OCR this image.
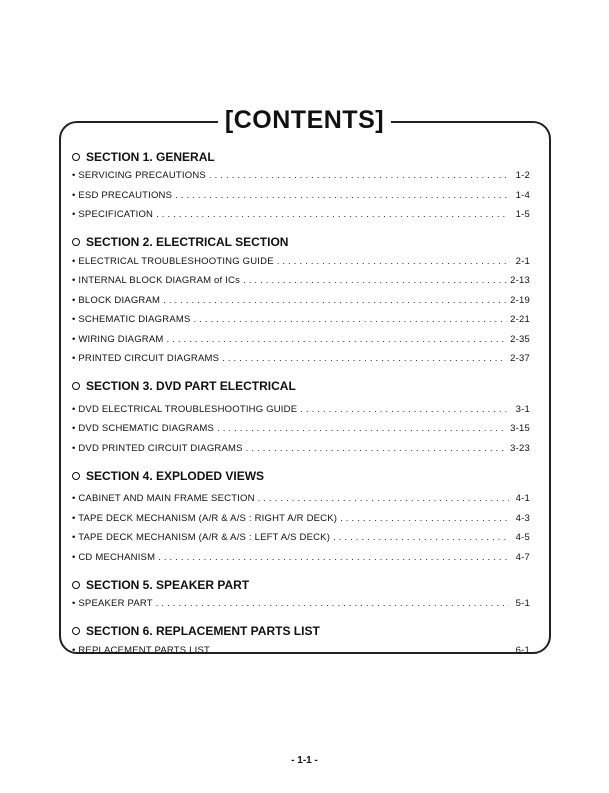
[CONTENTS]
SECTION 1. GENERAL
• SERVICING PRECAUTIONS . . .	1-2
• ESD PRECAUTIONS . . .	1-4
• SPECIFICATION . . .	1-5
SECTION 2. ELECTRICAL SECTION
• ELECTRICAL TROUBLESHOOTING GUIDE . . .	2-1
• INTERNAL BLOCK DIAGRAM of ICs . . .	2-13
• BLOCK DIAGRAM . . .	2-19
• SCHEMATIC DIAGRAMS . . .	2-21
• WIRING DIAGRAM . . .	2-35
• PRINTED CIRCUIT DIAGRAMS . . .	2-37
SECTION 3. DVD PART ELECTRICAL
• DVD ELECTRICAL TROUBLESHOOTIHG GUIDE . . .	3-1
• DVD SCHEMATIC DIAGRAMS . . .	3-15
• DVD PRINTED CIRCUIT DIAGRAMS . . .	3-23
SECTION 4. EXPLODED VIEWS
• CABINET AND MAIN FRAME SECTION . . .	4-1
• TAPE DECK MECHANISM (A/R & A/S : RIGHT A/R DECK) . . .	4-3
• TAPE DECK MECHANISM (A/R & A/S : LEFT A/S DECK) . . .	4-5
• CD MECHANISM . . .	4-7
SECTION 5. SPEAKER PART
• SPEAKER PART . . .	5-1
SECTION 6. REPLACEMENT PARTS LIST
• REPLACEMENT PARTS LIST . . .	6-1
- 1-1 -
